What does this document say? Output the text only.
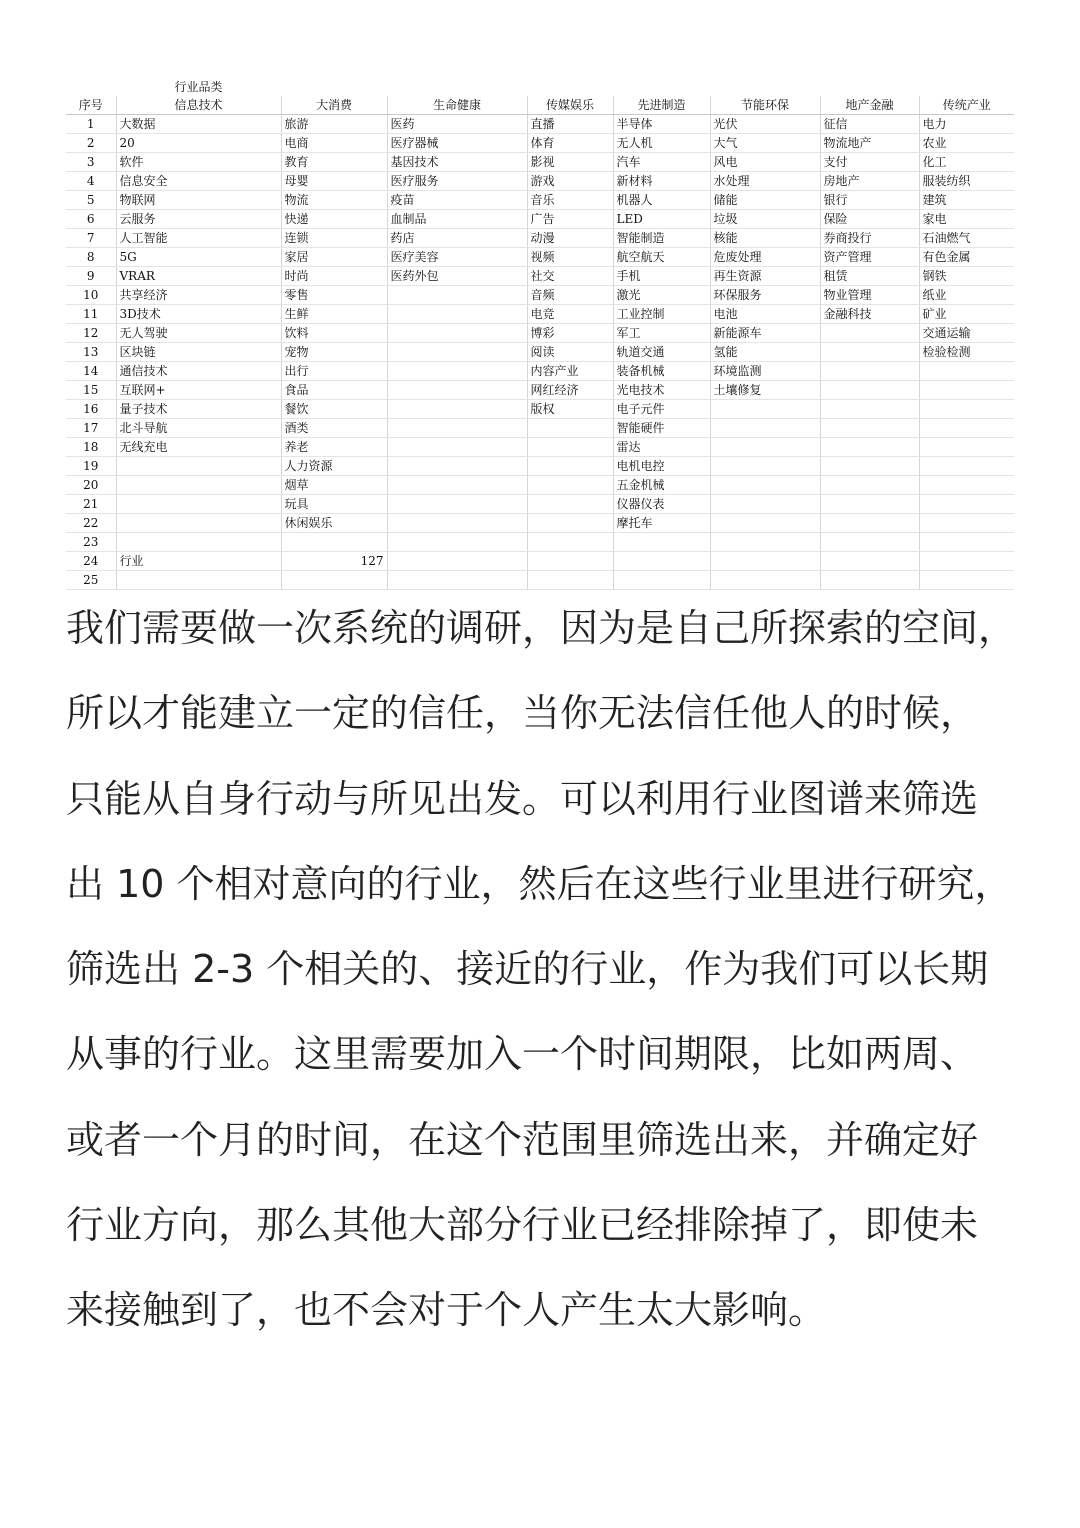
	行业品类							
序号	信息技术	大消费	生命健康	传媒娱乐	先进制造	节能环保	地产金融	传统产业
1	大数据	旅游	医药	直播	半导体	光伏	征信	电力
2	20	电商	医疗器械	体育	无人机	大气	物流地产	农业
3	软件	教育	基因技术	影视	汽车	风电	支付	化工
4	信息安全	母婴	医疗服务	游戏	新材料	水处理	房地产	服装纺织
5	物联网	物流	疫苗	音乐	机器人	储能	银行	建筑
6	云服务	快递	血制品	广告	LED	垃圾	保险	家电
7	人工智能	连锁	药店	动漫	智能制造	核能	券商投行	石油燃气
8	5G	家居	医疗美容	视频	航空航天	危废处理	资产管理	有色金属
9	VRAR	时尚	医药外包	社交	手机	再生资源	租赁	钢铁
10	共享经济	零售		音频	激光	环保服务	物业管理	纸业
11	3D技术	生鲜		电竞	工业控制	电池	金融科技	矿业
12	无人驾驶	饮料		博彩	军工	新能源车		交通运输
13	区块链	宠物		阅读	轨道交通	氢能		检验检测
14	通信技术	出行		内容产业	装备机械	环境监测		
15	互联网+	食品		网红经济	光电技术	土壤修复		
16	量子技术	餐饮		版权	电子元件			
17	北斗导航	酒类			智能硬件			
18	无线充电	养老			雷达			
19		人力资源			电机电控			
20		烟草			五金机械			
21		玩具			仪器仪表			
22		休闲娱乐			摩托车			
23								
24	行业	127						
25								
我们需要做一次系统的调研，因为是自己所探索的空间，
所以才能建立一定的信任，当你无法信任他人的时候，
只能从自身行动与所见出发。可以利用行业图谱来筛选
出 10 个相对意向的行业，然后在这些行业里进行研究，
筛选出 2-3 个相关的、接近的行业，作为我们可以长期
从事的行业。这里需要加入一个时间期限，比如两周、
或者一个月的时间，在这个范围里筛选出来，并确定好
行业方向，那么其他大部分行业已经排除掉了，即使未
来接触到了，也不会对于个人产生太大影响。
